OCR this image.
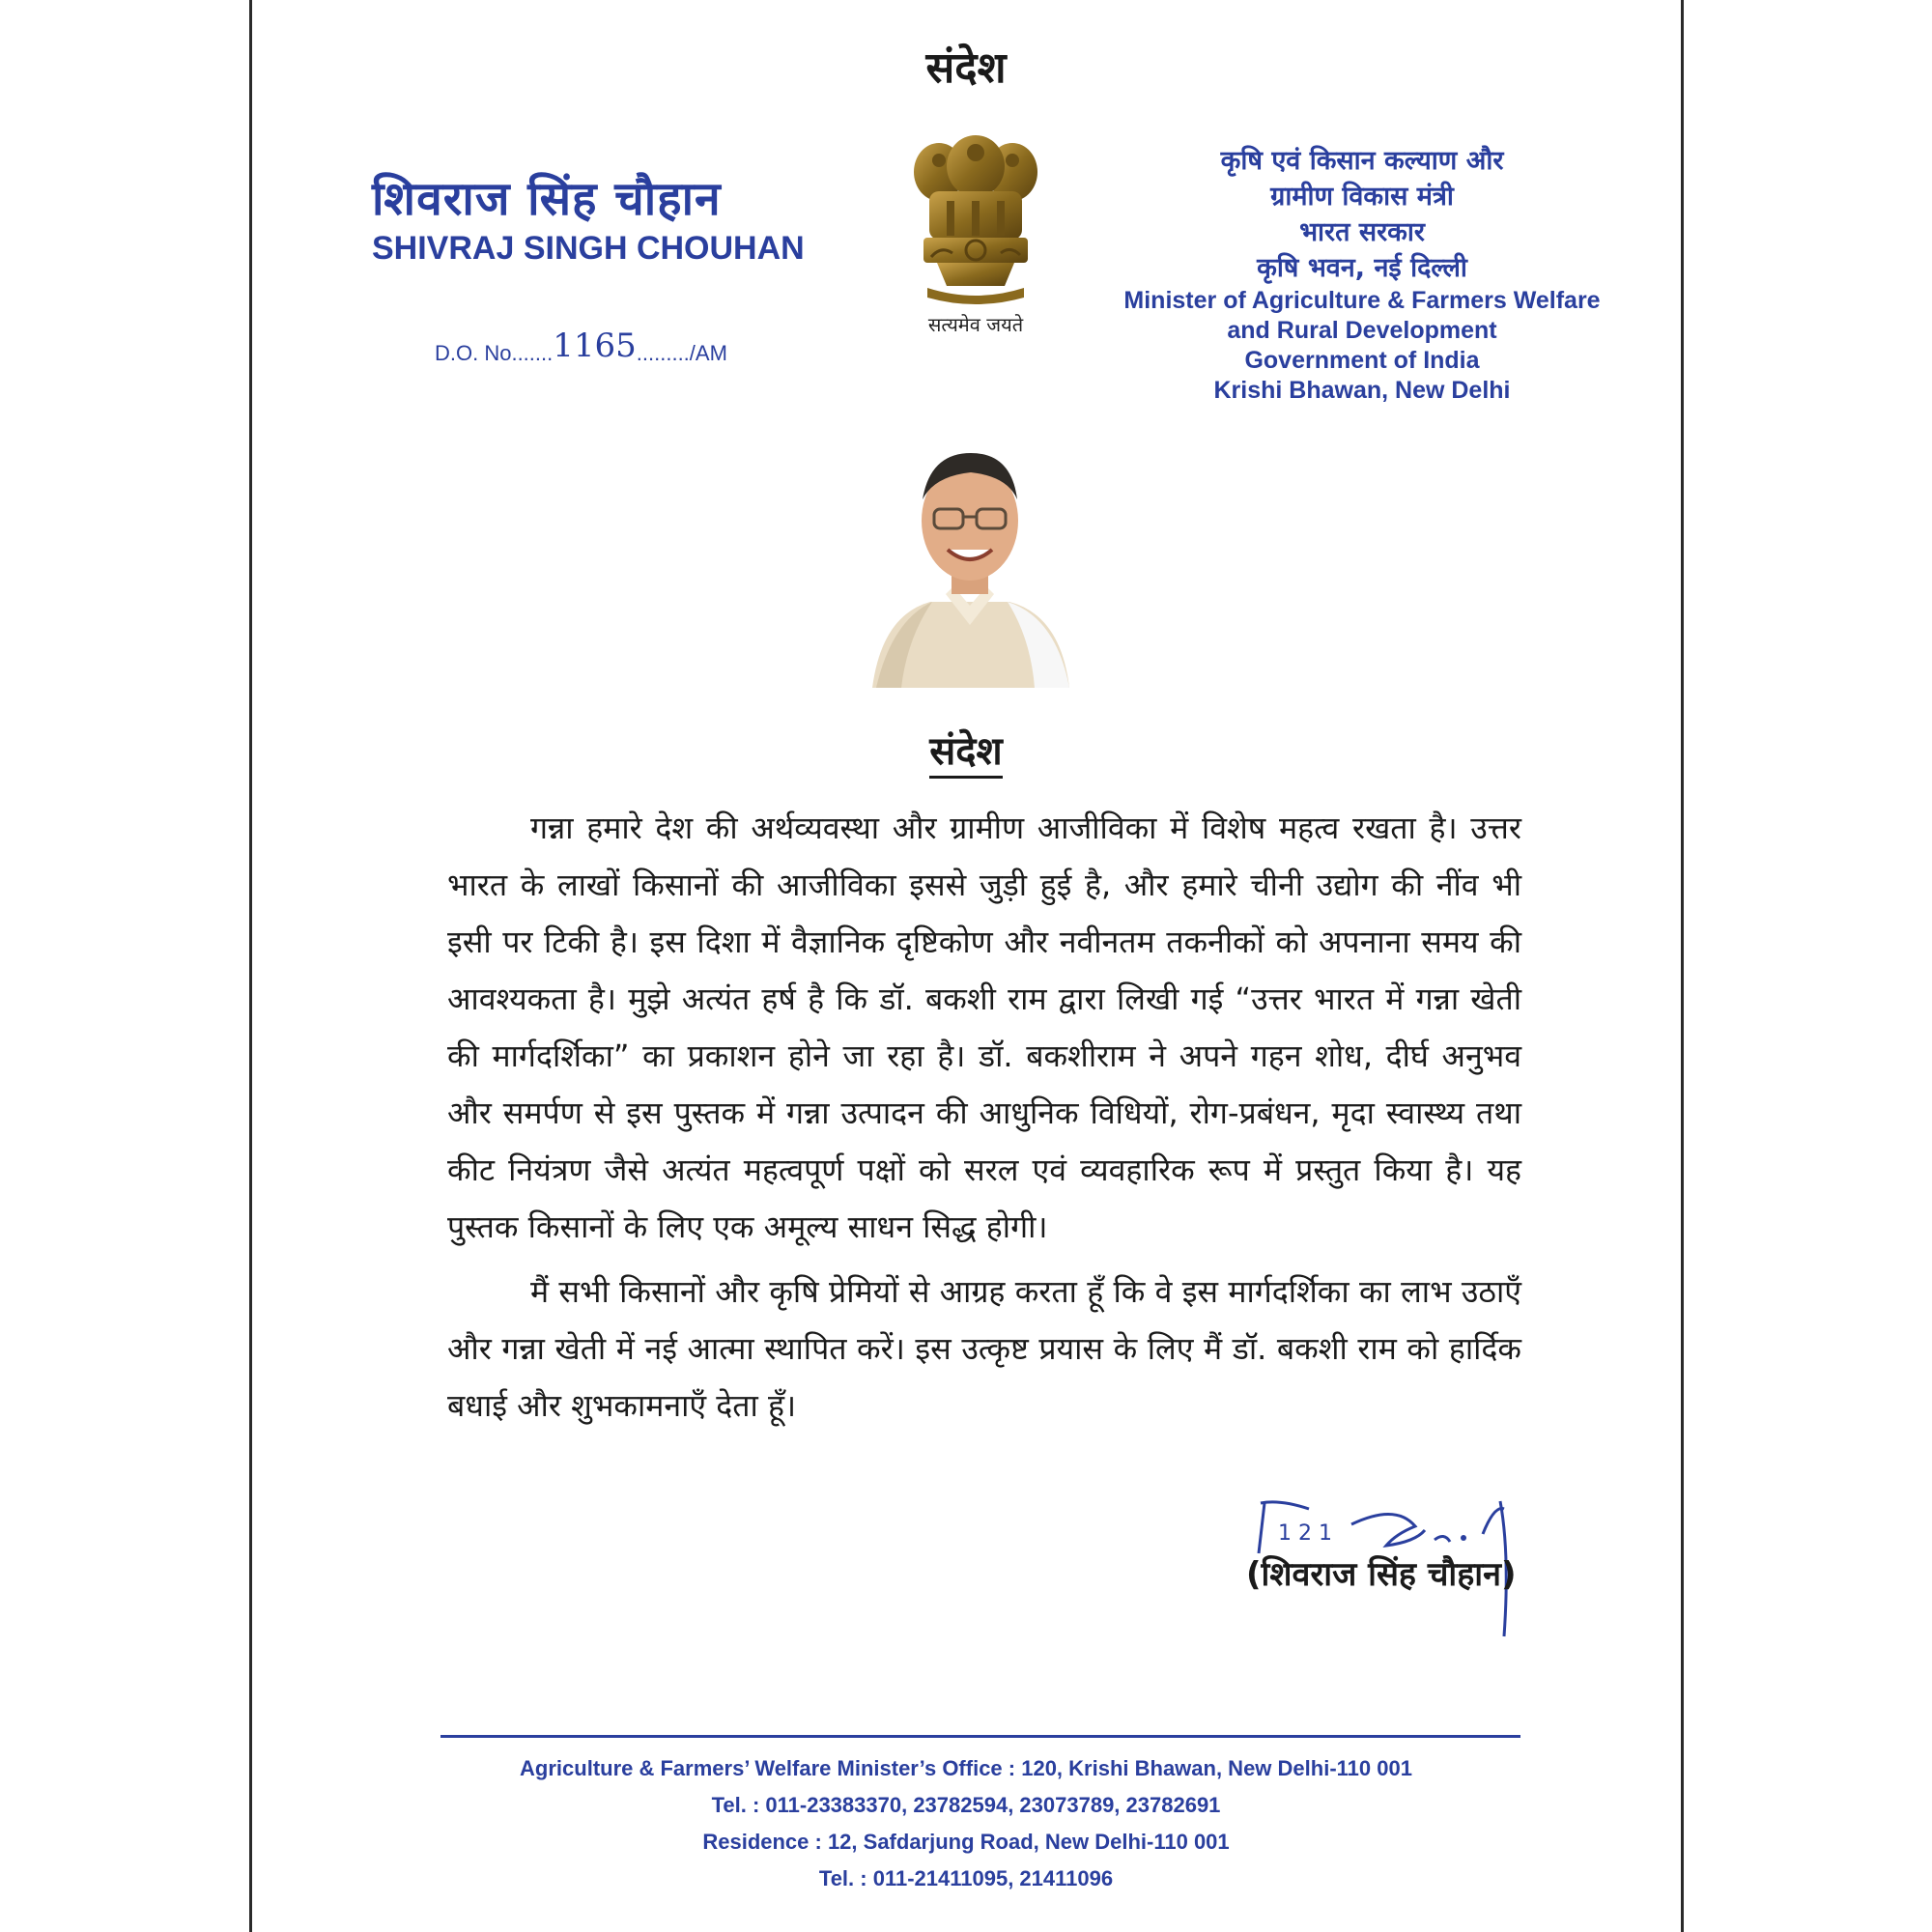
संदेश
शिवराज सिंह चौहान
SHIVRAJ SINGH CHOUHAN
D.O. No.......1165........./AM
सत्यमेव जयते
कृषि एवं किसान कल्याण और
ग्रामीण विकास मंत्री
भारत सरकार
कृषि भवन, नई दिल्ली
Minister of Agriculture & Farmers Welfare
and Rural Development
Government of India
Krishi Bhawan, New Delhi
संदेश

गन्ना हमारे देश की अर्थव्यवस्था और ग्रामीण आजीविका में विशेष महत्व रखता है। उत्तर भारत के लाखों किसानों की आजीविका इससे जुड़ी हुई है, और हमारे चीनी उद्योग की नींव भी इसी पर टिकी है। इस दिशा में वैज्ञानिक दृष्टिकोण और नवीनतम तकनीकों को अपनाना समय की आवश्यकता है। मुझे अत्यंत हर्ष है कि डॉ. बकशी राम द्वारा लिखी गई “उत्तर भारत में गन्ना खेती की मार्गदर्शिका” का प्रकाशन होने जा रहा है। डॉ. बकशीराम ने अपने गहन शोध, दीर्घ अनुभव और समर्पण से इस पुस्तक में गन्ना उत्पादन की आधुनिक विधियों, रोग-प्रबंधन, मृदा स्वास्थ्य तथा कीट नियंत्रण जैसे अत्यंत महत्वपूर्ण पक्षों को सरल एवं व्यवहारिक रूप में प्रस्तुत किया है। यह पुस्तक किसानों के लिए एक अमूल्य साधन सिद्ध होगी।

मैं सभी किसानों और कृषि प्रेमियों से आग्रह करता हूँ कि वे इस मार्गदर्शिका का लाभ उठाएँ और गन्ना खेती में नई आत्मा स्थापित करें। इस उत्कृष्ट प्रयास के लिए मैं डॉ. बकशी राम को हार्दिक बधाई और शुभकामनाएँ देता हूँ।

1 2 1
(शिवराज सिंह चौहान)
Agriculture & Farmers’ Welfare Minister’s Office : 120, Krishi Bhawan, New Delhi-110 001
Tel. : 011-23383370, 23782594, 23073789, 23782691
Residence : 12, Safdarjung Road, New Delhi-110 001
Tel. : 011-21411095, 21411096
